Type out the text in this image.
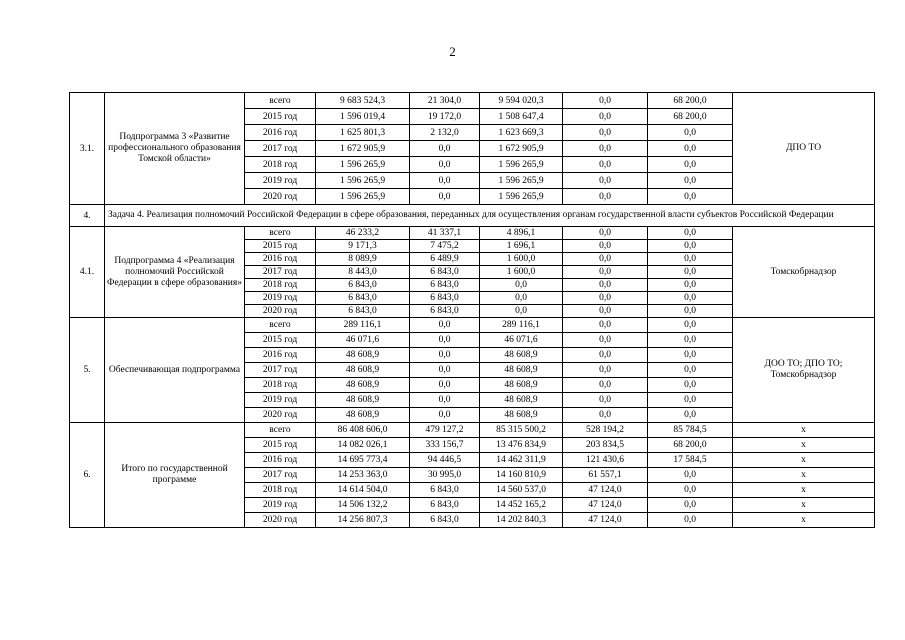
2
3.1.	Подпрограмма 3 «Развитие профессионального образования Томской области»	всего	9 683 524,3	21 304,0	9 594 020,3	0,0	68 200,0	ДПО ТО
		2015 год	1 596 019,4	19 172,0	1 508 647,4	0,0	68 200,0	
		2016 год	1 625 801,3	2 132,0	1 623 669,3	0,0	0,0	
		2017 год	1 672 905,9	0,0	1 672 905,9	0,0	0,0	
		2018 год	1 596 265,9	0,0	1 596 265,9	0,0	0,0	
		2019 год	1 596 265,9	0,0	1 596 265,9	0,0	0,0	
		2020 год	1 596 265,9	0,0	1 596 265,9	0,0	0,0	
4.	Задача 4. Реализация полномочий Российской Федерации в сфере образования, переданных для осуществления органам государственной власти субъектов Российской Федерации							
4.1.	Подпрограмма 4 «Реализация полномочий Российской Федерации в сфере образования»	всего	46 233,2	41 337,1	4 896,1	0,0	0,0	Томскобрнадзор
		2015 год	9 171,3	7 475,2	1 696,1	0,0	0,0	
		2016 год	8 089,9	6 489,9	1 600,0	0,0	0,0	
		2017 год	8 443,0	6 843,0	1 600,0	0,0	0,0	
		2018 год	6 843,0	6 843,0	0,0	0,0	0,0	
		2019 год	6 843,0	6 843,0	0,0	0,0	0,0	
		2020 год	6 843,0	6 843,0	0,0	0,0	0,0	
5.	Обеспечивающая подпрограмма	всего	289 116,1	0,0	289 116,1	0,0	0,0	ДОО ТО; ДПО ТО; Томскобрнадзор
		2015 год	46 071,6	0,0	46 071,6	0,0	0,0	
		2016 год	48 608,9	0,0	48 608,9	0,0	0,0	
		2017 год	48 608,9	0,0	48 608,9	0,0	0,0	
		2018 год	48 608,9	0,0	48 608,9	0,0	0,0	
		2019 год	48 608,9	0,0	48 608,9	0,0	0,0	
		2020 год	48 608,9	0,0	48 608,9	0,0	0,0	
6.	Итого по государственной программе	всего	86 408 606,0	479 127,2	85 315 500,2	528 194,2	85 784,5	х
		2015 год	14 082 026,1	333 156,7	13 476 834,9	203 834,5	68 200,0	х
		2016 год	14 695 773,4	94 446,5	14 462 311,9	121 430,6	17 584,5	х
		2017 год	14 253 363,0	30 995,0	14 160 810,9	61 557,1	0,0	х
		2018 год	14 614 504,0	6 843,0	14 560 537,0	47 124,0	0,0	х
		2019 год	14 506 132,2	6 843,0	14 452 165,2	47 124,0	0,0	х
		2020 год	14 256 807,3	6 843,0	14 202 840,3	47 124,0	0,0	х
